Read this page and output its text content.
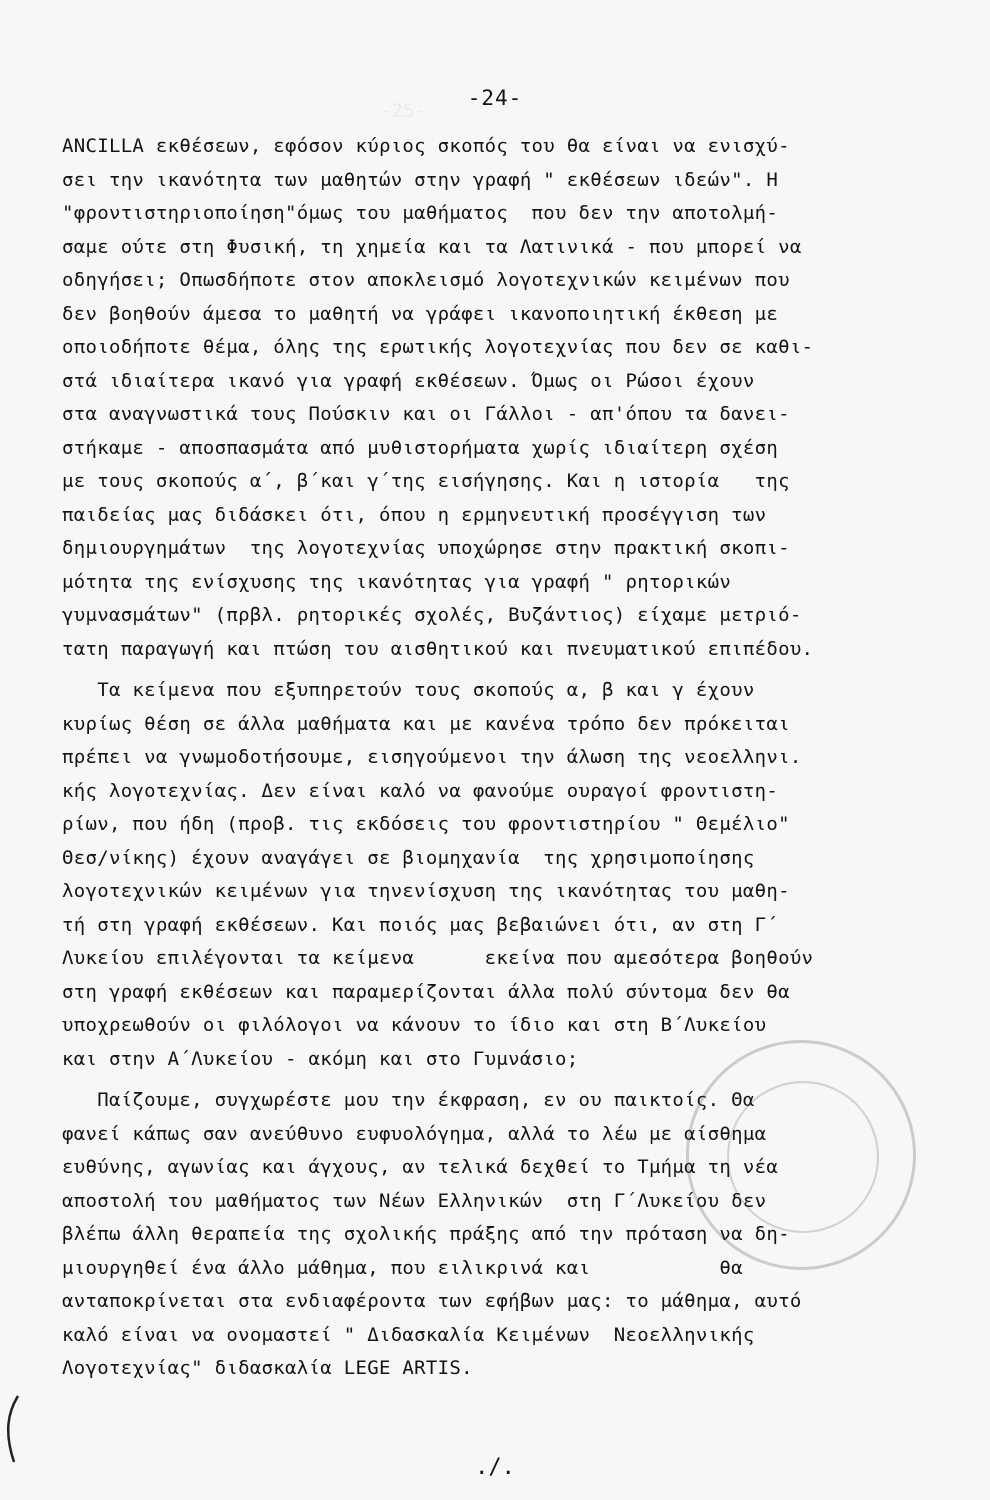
-24-
-25-
ANCILLA εκθέσεων, εφόσον κύριος σκοπός του θα είναι να ενισχύ-
σει την ικανότητα των μαθητών στην γραφή " εκθέσεων ιδεών". Η
"φροντιστηριοποίηση"όμως του μαθήματος  που δεν την αποτολμή-
σαμε ούτε στη Φυσική, τη χημεία και τα Λατινικά - που μπορεί να
οδηγήσει; Οπωσδήποτε στον αποκλεισμό λογοτεχνικών κειμένων που
δεν βοηθούν άμεσα το μαθητή να γράφει ικανοποιητική έκθεση με
οποιοδήποτε θέμα, όλης της ερωτικής λογοτεχνίας που δεν σε καθι-
στά ιδιαίτερα ικανό για γραφή εκθέσεων. Όμως οι Ρώσοι έχουν
στα αναγνωστικά τους Πούσκιν και οι Γάλλοι - απ'όπου τα δανει-
στήκαμε - αποσπασμάτα από μυθιστορήματα χωρίς ιδιαίτερη σχέση
με τους σκοπούς α΄, β΄και γ΄της εισήγησης. Και η ιστορία   της
παιδείας μας διδάσκει ότι, όπου η ερμηνευτική προσέγγιση των
δημιουργημάτων  της λογοτεχνίας υποχώρησε στην πρακτική σκοπι-
μότητα της ενίσχυσης της ικανότητας για γραφή " ρητορικών
γυμνασμάτων" (πρβλ. ρητορικές σχολές, Βυζάντιος) είχαμε μετριό-
τατη παραγωγή και πτώση του αισθητικού και πνευματικού επιπέδου.
Τα κείμενα που εξυπηρετούν τους σκοπούς α, β και γ έχουν
κυρίως θέση σε άλλα μαθήματα και με κανένα τρόπο δεν πρόκειται
πρέπει να γνωμοδοτήσουμε, εισηγούμενοι την άλωση της νεοελληνι.
κής λογοτεχνίας. Δεν είναι καλό να φανούμε ουραγοί φροντιστη-
ρίων, που ήδη (προβ. τις εκδόσεις του φροντιστηρίου " Θεμέλιο"
Θεσ/νίκης) έχουν αναγάγει σε βιομηχανία  της χρησιμοποίησης
λογοτεχνικών κειμένων για τηνενίσχυση της ικανότητας του μαθη-
τή στη γραφή εκθέσεων. Και ποιός μας βεβαιώνει ότι, αν στη Γ΄
Λυκείου επιλέγονται τα κείμενα      εκείνα που αμεσότερα βοηθούν
στη γραφή εκθέσεων και παραμερίζονται άλλα πολύ σύντομα δεν θα
υποχρεωθούν οι φιλόλογοι να κάνουν το ίδιο και στη Β΄Λυκείου
και στην Α΄Λυκείου - ακόμη και στο Γυμνάσιο;
Παίζουμε, συγχωρέστε μου την έκφραση, εν ου παικτοίς. Θα
φανεί κάπως σαν ανεύθυνο ευφυολόγημα, αλλά το λέω με αίσθημα
ευθύνης, αγωνίας και άγχους, αν τελικά δεχθεί το Τμήμα τη νέα
αποστολή του μαθήματος των Νέων Ελληνικών  στη Γ΄Λυκείου δεν
βλέπω άλλη θεραπεία της σχολικής πράξης από την πρόταση να δη-
μιουργηθεί ένα άλλο μάθημα, που ειλικρινά και           θα
ανταποκρίνεται στα ενδιαφέροντα των εφήβων μας: το μάθημα, αυτό
καλό είναι να ονομαστεί " Διδασκαλία Κειμένων  Νεοελληνικής
Λογοτεχνίας" διδασκαλία LEGE ARTIS.
./.
